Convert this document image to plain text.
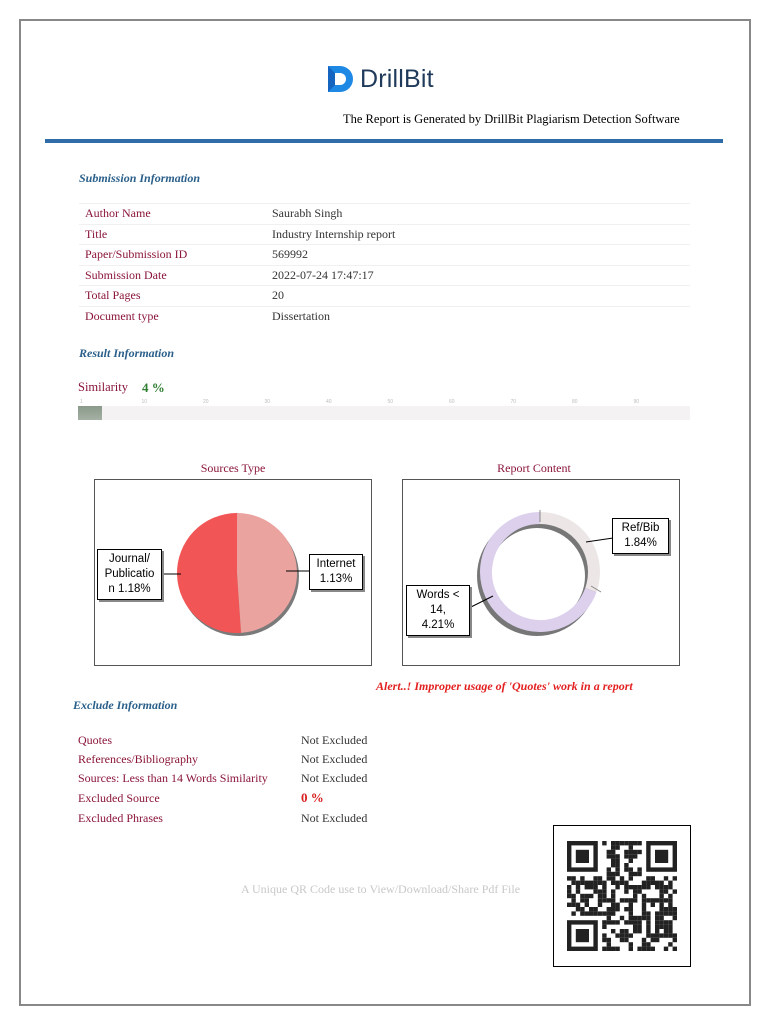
DrillBit
The Report is Generated by DrillBit Plagiarism Detection Software
Submission Information
Author Name	Saurabh Singh
Title	Industry Internship report
Paper/Submission ID	569992
Submission Date	2022-07-24 17:47:17
Total Pages	20
Document type	Dissertation
Result Information
Similarity 4 %
1	10	20	30	40	50	60	70	80	90
Sources Type
Journal/
Publicatio
n 1.18%
Internet
1.13%
Report Content
Ref/Bib
1.84%
Words <
14,
4.21%
Alert..! Improper usage of 'Quotes' work in a report
Exclude Information
Quotes	Not Excluded
References/Bibliography	Not Excluded
Sources: Less than 14 Words Similarity	Not Excluded
Excluded Source	0 %
Excluded Phrases	Not Excluded
A Unique QR Code use to View/Download/Share Pdf File
